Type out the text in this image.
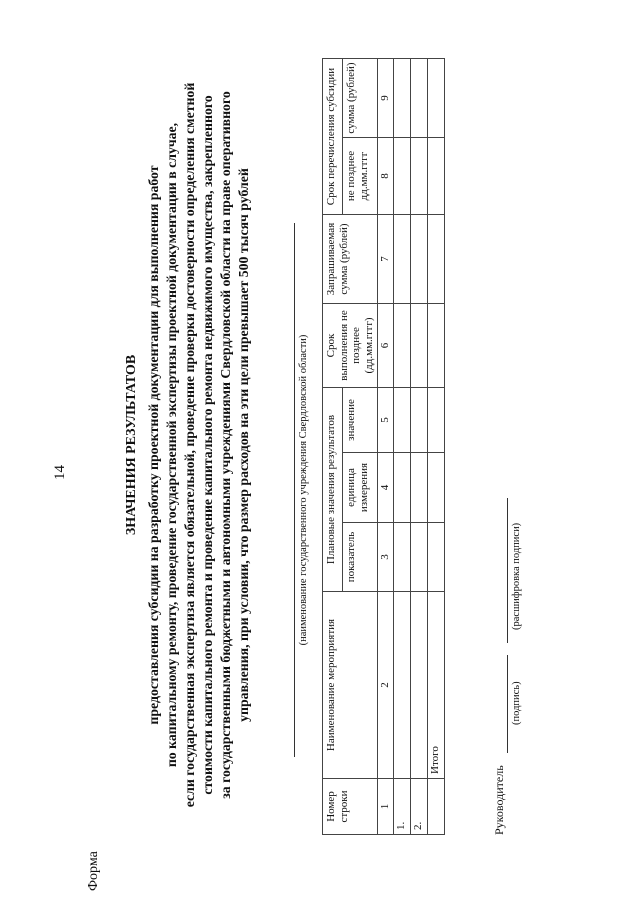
14
Форма
ЗНАЧЕНИЯ РЕЗУЛЬТАТОВ предоставления субсидии на разработку проектной документации для выполнения работ по капитальному ремонту, проведение государственной экспертизы проектной документации в случае, если государственная экспертиза является обязательной, проведение проверки достоверности определения сметной стоимости капитального ремонта и проведение капитального ремонта недвижимого имущества, закрепленного за государственными бюджетными и автономными учреждениями Свердловской области на праве оперативного управления, при условии, что размер расходов на эти цели превышает 500 тысяч рублей	(наименование государственного учреждения Свердловской области)
Номер строки	Наименование мероприятия	Плановые значения результатов			Срок выполнения не позднее (дд.мм.гггг)	Запрашиваемая сумма (рублей)	Срок перечисления субсидии	
		показатель	единица измерения	значение			не позднее дд.мм.гггг	сумма (рублей)
1	2	3	4	5	6	7	8	9
1.								
2.								
	Итого							
Руководитель
(подпись)
(расшифровка подписи)
